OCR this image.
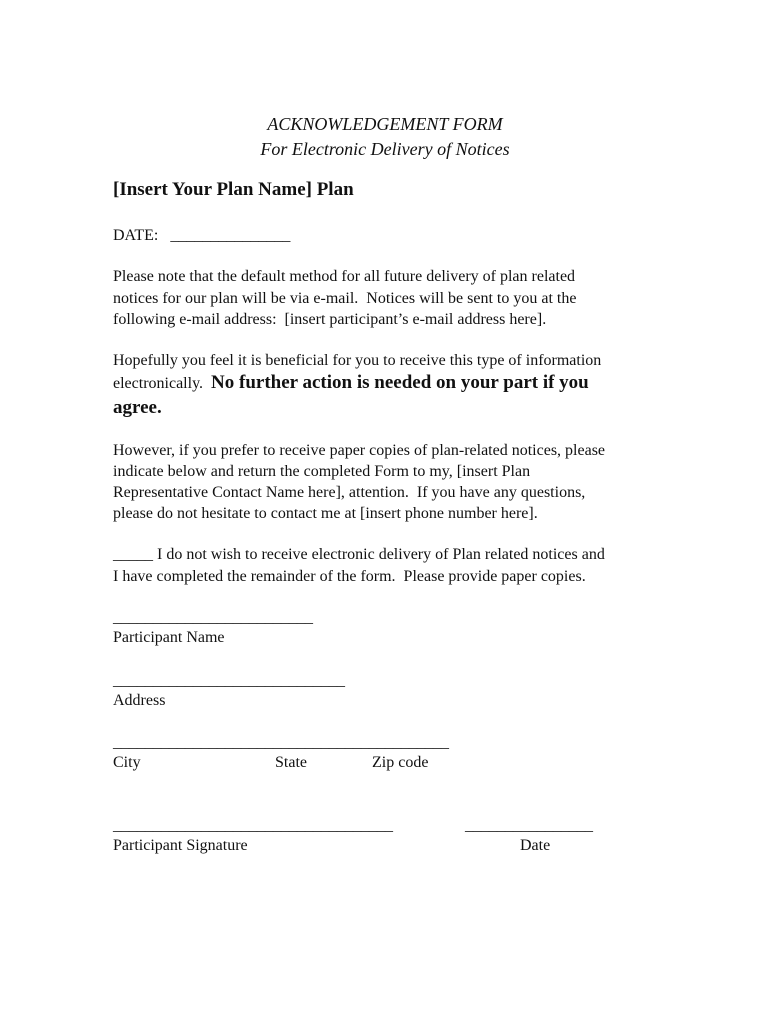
ACKNOWLEDGEMENT FORM
For Electronic Delivery of Notices
[Insert Your Plan Name] Plan
DATE: _______________
Please note that the default method for all future delivery of plan related
notices for our plan will be via e-mail.  Notices will be sent to you at the
following e-mail address:  [insert participant’s e-mail address here].
Hopefully you feel it is beneficial for you to receive this type of information
electronically.  No further action is needed on your part if you
agree.
However, if you prefer to receive paper copies of plan-related notices, please
indicate below and return the completed Form to my, [insert Plan
Representative Contact Name here], attention.  If you have any questions,
please do not hesitate to contact me at [insert phone number here].
_____ I do not wish to receive electronic delivery of Plan related notices and
I have completed the remainder of the form.  Please provide paper copies.
_________________________
Participant Name
_____________________________
Address
__________________________________________
City	State	Zip code
___________________________________	________________
Participant Signature	Date
